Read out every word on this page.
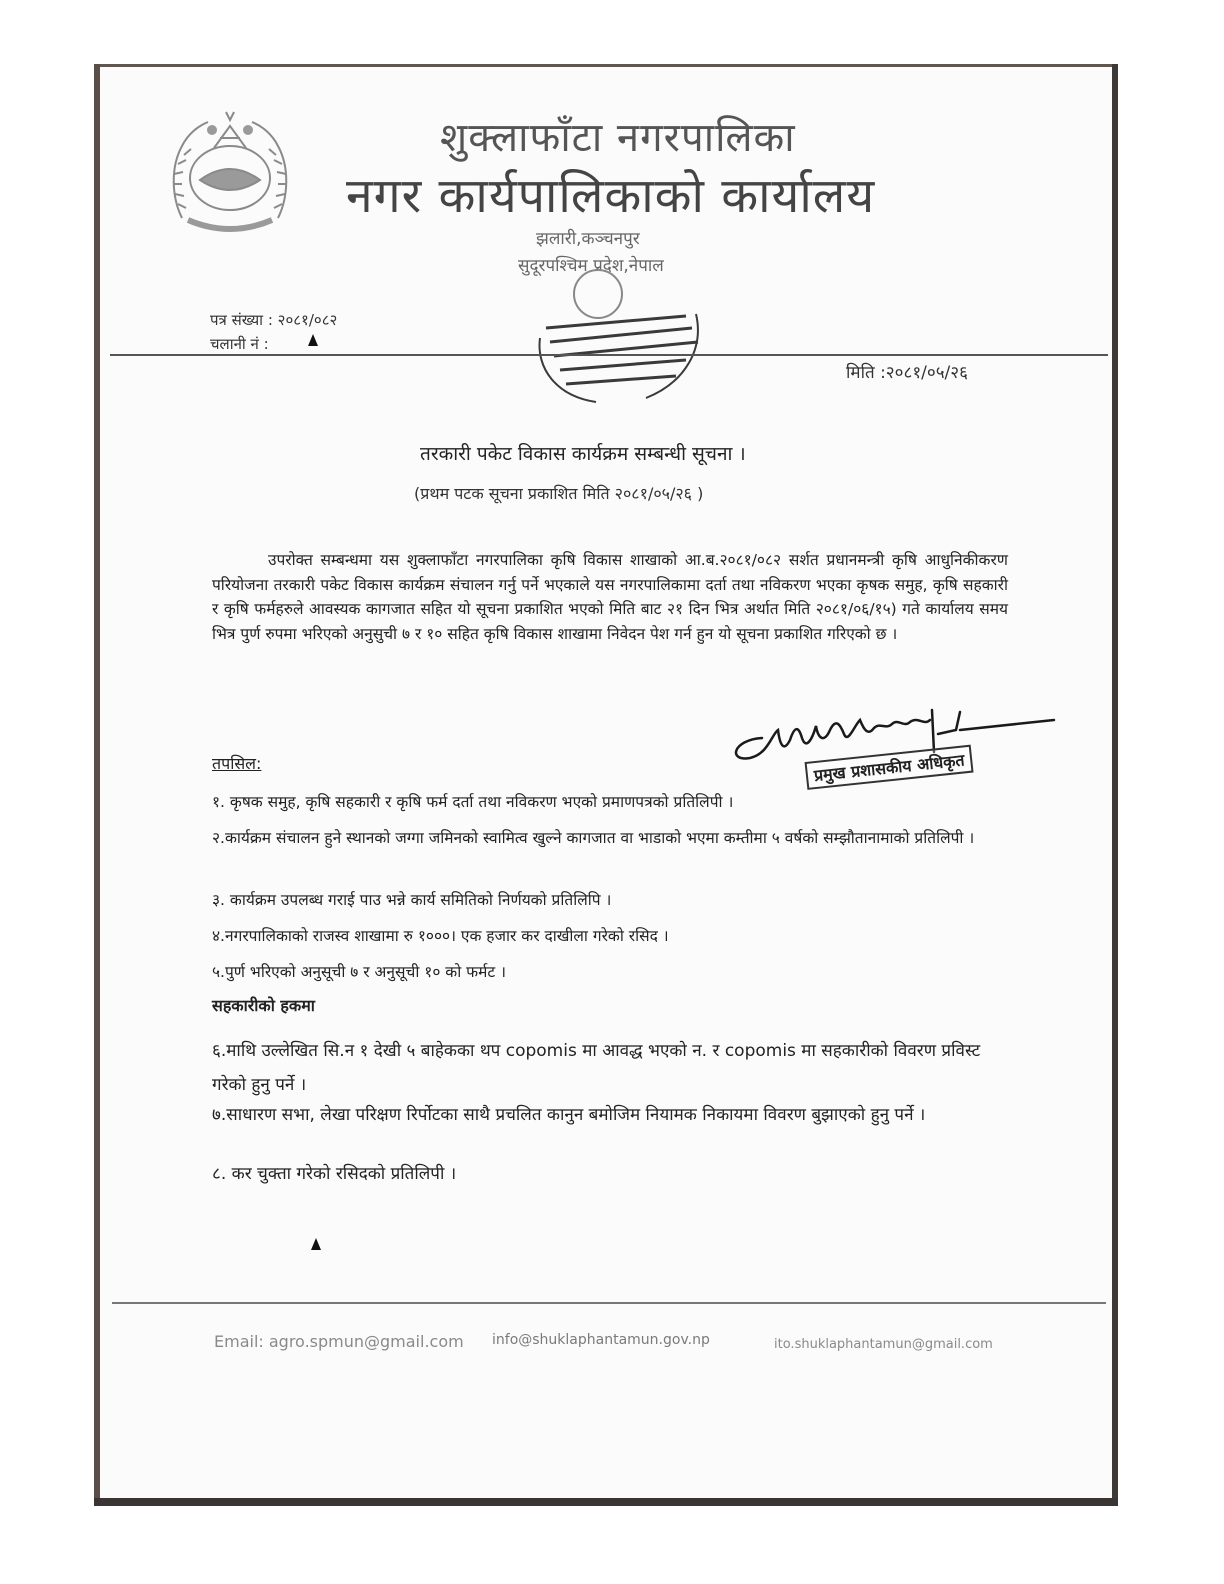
शुक्लाफाँटा नगरपालिका
नगर कार्यपालिकाको कार्यालय
झलारी,कञ्चनपुर
सुदूरपश्चिम प्रदेश,नेपाल
पत्र संख्या : २०८१/०८२
चलानी नं :
मिति :२०८१/०५/२६
तरकारी पकेट विकास कार्यक्रम सम्बन्धी सूचना ।
(प्रथम पटक सूचना प्रकाशित मिति २०८१/०५/२६ )
उपरोक्त सम्बन्धमा यस शुक्लाफाँटा नगरपालिका कृषि विकास शाखाको आ.ब.२०८१/०८२ सर्शत प्रधानमन्त्री कृषि आधुनिकीकरण परियोजना तरकारी पकेट विकास कार्यक्रम संचालन गर्नु पर्ने भएकाले यस नगरपालिकामा दर्ता तथा नविकरण भएका कृषक समुह, कृषि सहकारी र कृषि फर्महरुले आवस्यक कागजात सहित यो सूचना प्रकाशित भएको मिति बाट २१ दिन भित्र अर्थात मिति २०८१/०६/१५) गते कार्यालय समय भित्र पुर्ण रुपमा भरिएको अनुसुची ७ र १० सहित कृषि विकास शाखामा निवेदन पेश गर्न हुन यो सूचना प्रकाशित गरिएको छ ।
तपसिल:	प्रमुख प्रशासकीय अधिकृत
१. कृषक समुह, कृषि सहकारी र कृषि फर्म दर्ता तथा नविकरण भएको प्रमाणपत्रको प्रतिलिपी ।
२.कार्यक्रम संचालन हुने स्थानको जग्गा जमिनको स्वामित्व खुल्ने कागजात वा भाडाको भएमा कम्तीमा ५ वर्षको सम्झौतानामाको प्रतिलिपी ।
३. कार्यक्रम उपलब्ध गराई पाउ भन्ने कार्य समितिको निर्णयको प्रतिलिपि ।
४.नगरपालिकाको राजस्व शाखामा रु १०००। एक हजार कर दाखीला गरेको रसिद ।
५.पुर्ण भरिएको अनुसूची ७ र अनुसूची १० को फर्मट ।
सहकारीको हकमा
६.माथि उल्लेखित सि.न १ देखी ५ बाहेकका थप copomis मा आवद्ध भएको न. र copomis मा सहकारीको विवरण प्रविस्ट गरेको हुनु पर्ने ।
७.साधारण सभा, लेखा परिक्षण रिर्पोटका साथै प्रचलित कानुन बमोजिम नियामक निकायमा विवरण बुझाएको हुनु पर्ने ।
८. कर चुक्ता गरेको रसिदको प्रतिलिपी ।
Email: agro.spmun@gmail.com info@shuklaphantamun.gov.np	ito.shuklaphantamun@gmail.com
